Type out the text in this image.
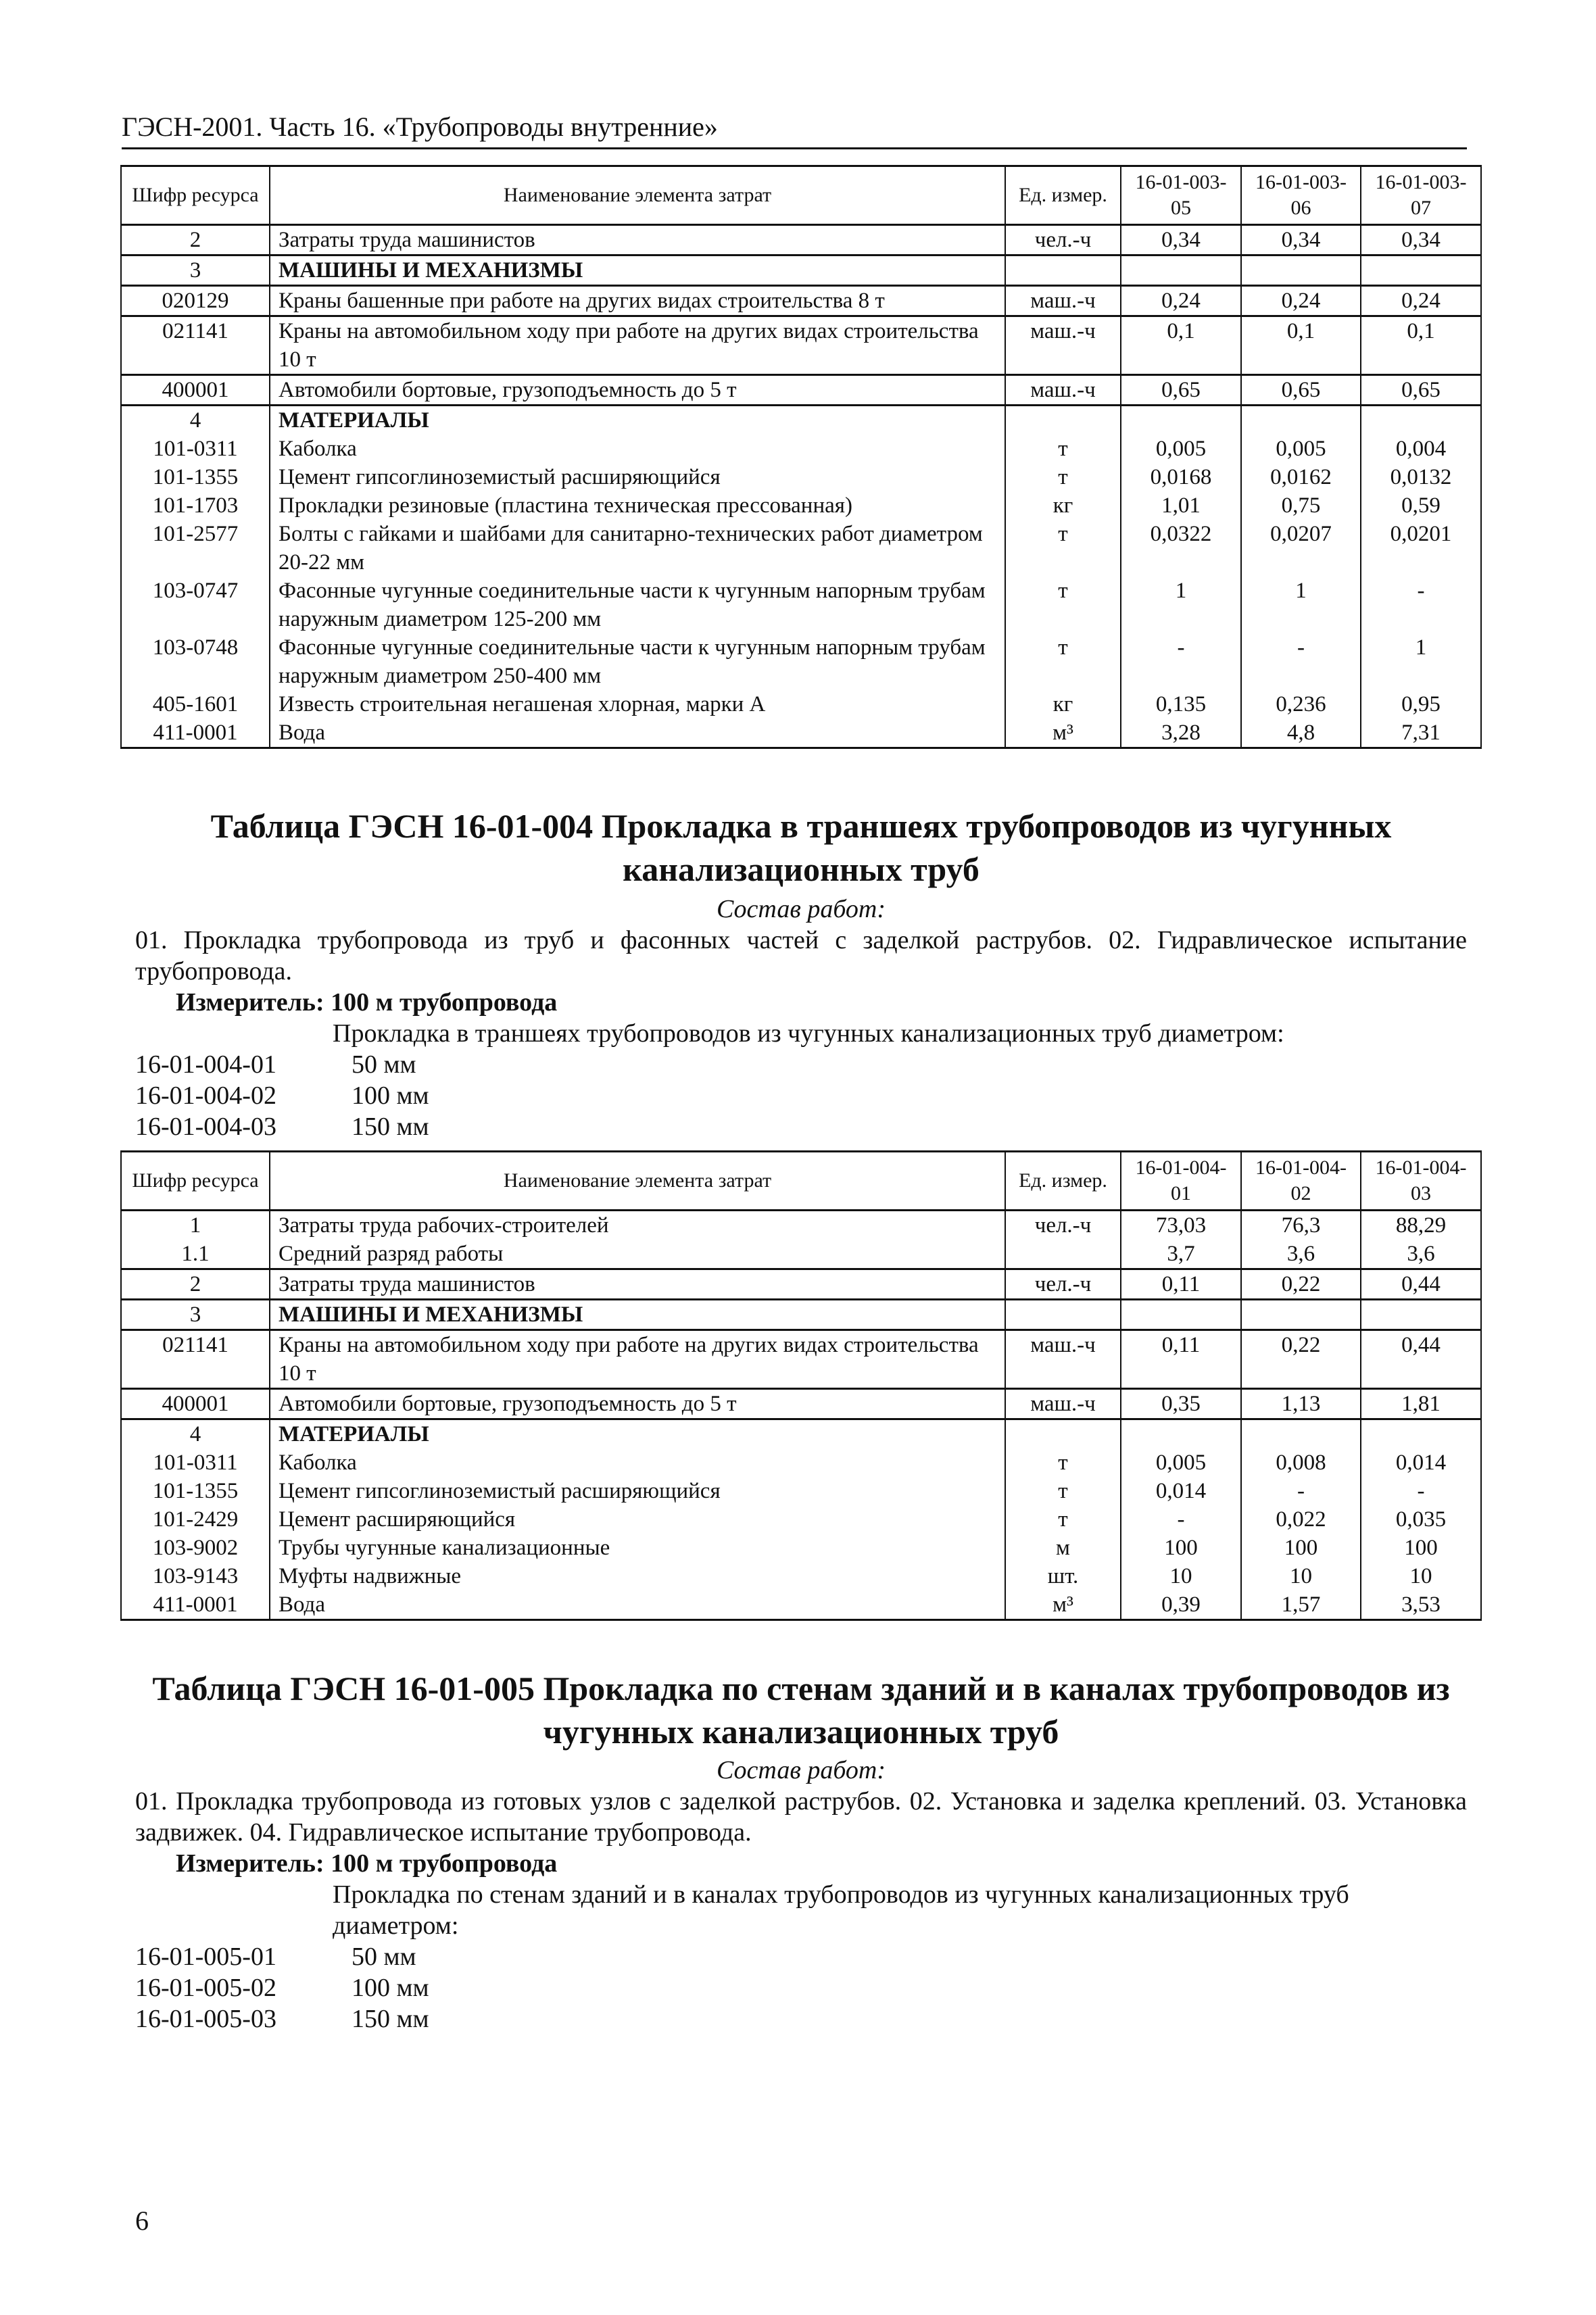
ГЭСН-2001. Часть 16. «Трубопроводы внутренние»
Шифр ресурса	Наименование элемента затрат	Ед. измер.	16-01-003-05	16-01-003-06	16-01-003-07
2	Затраты труда машинистов	чел.-ч	0,34	0,34	0,34
3	МАШИНЫ И МЕХАНИЗМЫ				
020129	Краны башенные при работе на других видах строительства 8 т	маш.-ч	0,24	0,24	0,24
021141	Краны на автомобильном ходу при работе на других видах строительства 10 т	маш.-ч	0,1	0,1	0,1
400001	Автомобили бортовые, грузоподъемность до 5 т	маш.-ч	0,65	0,65	0,65
4	МАТЕРИАЛЫ				
101-0311	Каболка	т	0,005	0,005	0,004
101-1355	Цемент гипсоглиноземистый расширяющийся	т	0,0168	0,0162	0,0132
101-1703	Прокладки резиновые (пластина техническая прессованная)	кг	1,01	0,75	0,59
101-2577	Болты с гайками и шайбами для санитарно-технических работ диаметром 20-22 мм	т	0,0322	0,0207	0,0201
103-0747	Фасонные чугунные соединительные части к чугунным напорным трубам наружным диаметром 125-200 мм	т	1	1	-
103-0748	Фасонные чугунные соединительные части к чугунным напорным трубам наружным диаметром 250-400 мм	т	-	-	1
405-1601	Известь строительная негашеная хлорная, марки А	кг	0,135	0,236	0,95
411-0001	Вода	м³	3,28	4,8	7,31
Таблица ГЭСН 16-01-004 Прокладка в траншеях трубопроводов из чугунных канализационных труб
Состав работ:
01. Прокладка трубопровода из труб и фасонных частей с заделкой раструбов. 02. Гидравлическое испытание трубопровода.
Измеритель: 100 м трубопровода
Прокладка в траншеях трубопроводов из чугунных канализационных труб диаметром:
16-01-004-01	50 мм
16-01-004-02	100 мм
16-01-004-03	150 мм
Шифр ресурса	Наименование элемента затрат	Ед. измер.	16-01-004-01	16-01-004-02	16-01-004-03
1	Затраты труда рабочих-строителей	чел.-ч	73,03	76,3	88,29
1.1	Средний разряд работы		3,7	3,6	3,6
2	Затраты труда машинистов	чел.-ч	0,11	0,22	0,44
3	МАШИНЫ И МЕХАНИЗМЫ				
021141	Краны на автомобильном ходу при работе на других видах строительства 10 т	маш.-ч	0,11	0,22	0,44
400001	Автомобили бортовые, грузоподъемность до 5 т	маш.-ч	0,35	1,13	1,81
4	МАТЕРИАЛЫ				
101-0311	Каболка	т	0,005	0,008	0,014
101-1355	Цемент гипсоглиноземистый расширяющийся	т	0,014	-	-
101-2429	Цемент расширяющийся	т	-	0,022	0,035
103-9002	Трубы чугунные канализационные	м	100	100	100
103-9143	Муфты надвижные	шт.	10	10	10
411-0001	Вода	м³	0,39	1,57	3,53
Таблица ГЭСН 16-01-005 Прокладка по стенам зданий и в каналах трубопроводов из чугунных канализационных труб
Состав работ:
01. Прокладка трубопровода из готовых узлов с заделкой раструбов. 02. Установка и заделка креплений. 03. Установка задвижек. 04. Гидравлическое испытание трубопровода.
Измеритель: 100 м трубопровода
Прокладка по стенам зданий и в каналах трубопроводов из чугунных канализационных труб диаметром:
16-01-005-01	50 мм
16-01-005-02	100 мм
16-01-005-03	150 мм
6
